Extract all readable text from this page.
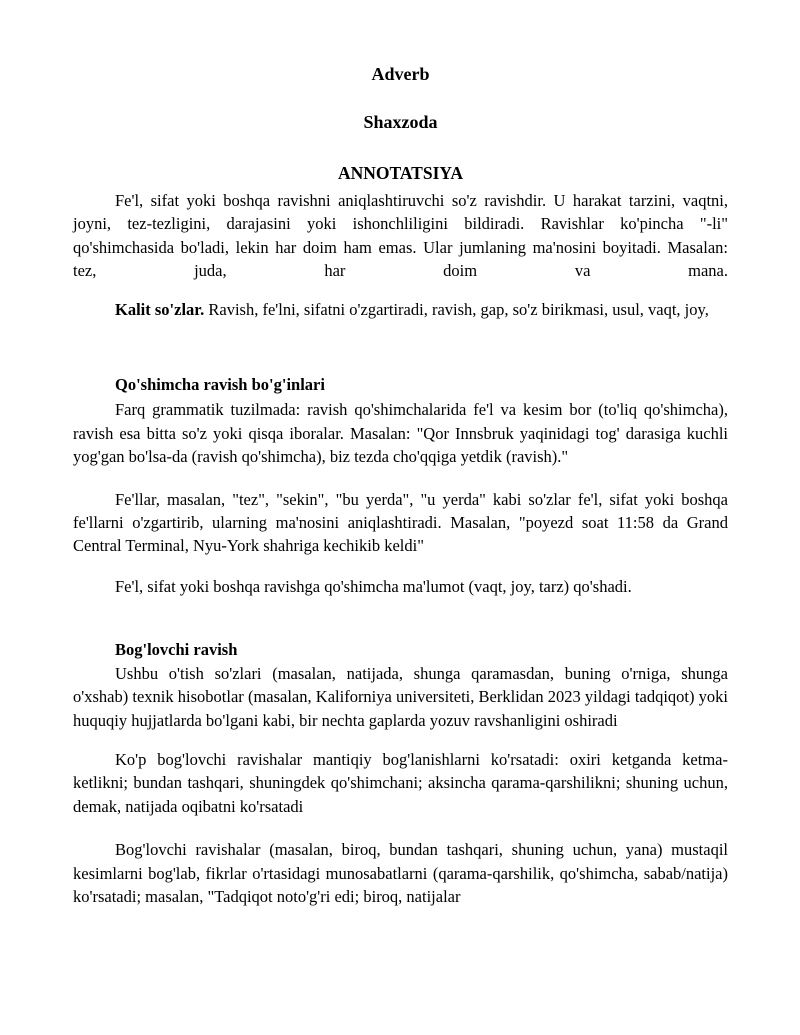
Adverb
Shaxzoda
ANNOTATSIYA

Fe'l, sifat yoki boshqa ravishni aniqlashtiruvchi so'z ravishdir. U harakat tarzini, vaqtni, joyni, tez-tezligini, darajasini yoki ishonchliligini bildiradi. Ravishlar ko'pincha "-li" qo'shimchasida bo'ladi, lekin har doim ham emas. Ular jumlaning ma'nosini boyitadi. Masalan: tez, juda, har doim va mana.

Kalit so'zlar. Ravish, fe'lni, sifatni o'zgartiradi, ravish, gap, so'z birikmasi, usul, vaqt, joy,

Qo'shimcha ravish bo'g'inlari

Farq grammatik tuzilmada: ravish qo'shimchalarida fe'l va kesim bor (to'liq qo'shimcha), ravish esa bitta so'z yoki qisqa iboralar. Masalan: "Qor Innsbruk yaqinidagi tog' darasiga kuchli yog'gan bo'lsa-da (ravish qo'shimcha), biz tezda cho'qqiga yetdik (ravish)."

Fe'llar, masalan, "tez", "sekin", "bu yerda", "u yerda" kabi so'zlar fe'l, sifat yoki boshqa fe'llarni o'zgartirib, ularning ma'nosini aniqlashtiradi. Masalan, "poyezd soat 11:58 da Grand Central Terminal, Nyu-York shahriga kechikib keldi"

Fe'l, sifat yoki boshqa ravishga qo'shimcha ma'lumot (vaqt, joy, tarz) qo'shadi.

Bog'lovchi ravish

Ushbu o'tish so'zlari (masalan, natijada, shunga qaramasdan, buning o'rniga, shunga o'xshab) texnik hisobotlar (masalan, Kaliforniya universiteti, Berklidan 2023 yildagi tadqiqot) yoki huquqiy hujjatlarda bo'lgani kabi, bir nechta gaplarda yozuv ravshanligini oshiradi

Ko'p bog'lovchi ravishalar mantiqiy bog'lanishlarni ko'rsatadi: oxiri ketganda ketma-ketlikni; bundan tashqari, shuningdek qo'shimchani; aksincha qarama-qarshilikni; shuning uchun, demak, natijada oqibatni ko'rsatadi

Bog'lovchi ravishalar (masalan, biroq, bundan tashqari, shuning uchun, yana) mustaqil kesimlarni bog'lab, fikrlar o'rtasidagi munosabatlarni (qarama-qarshilik, qo'shimcha, sabab/natija) ko'rsatadi; masalan, "Tadqiqot noto'g'ri edi; biroq, natijalar
